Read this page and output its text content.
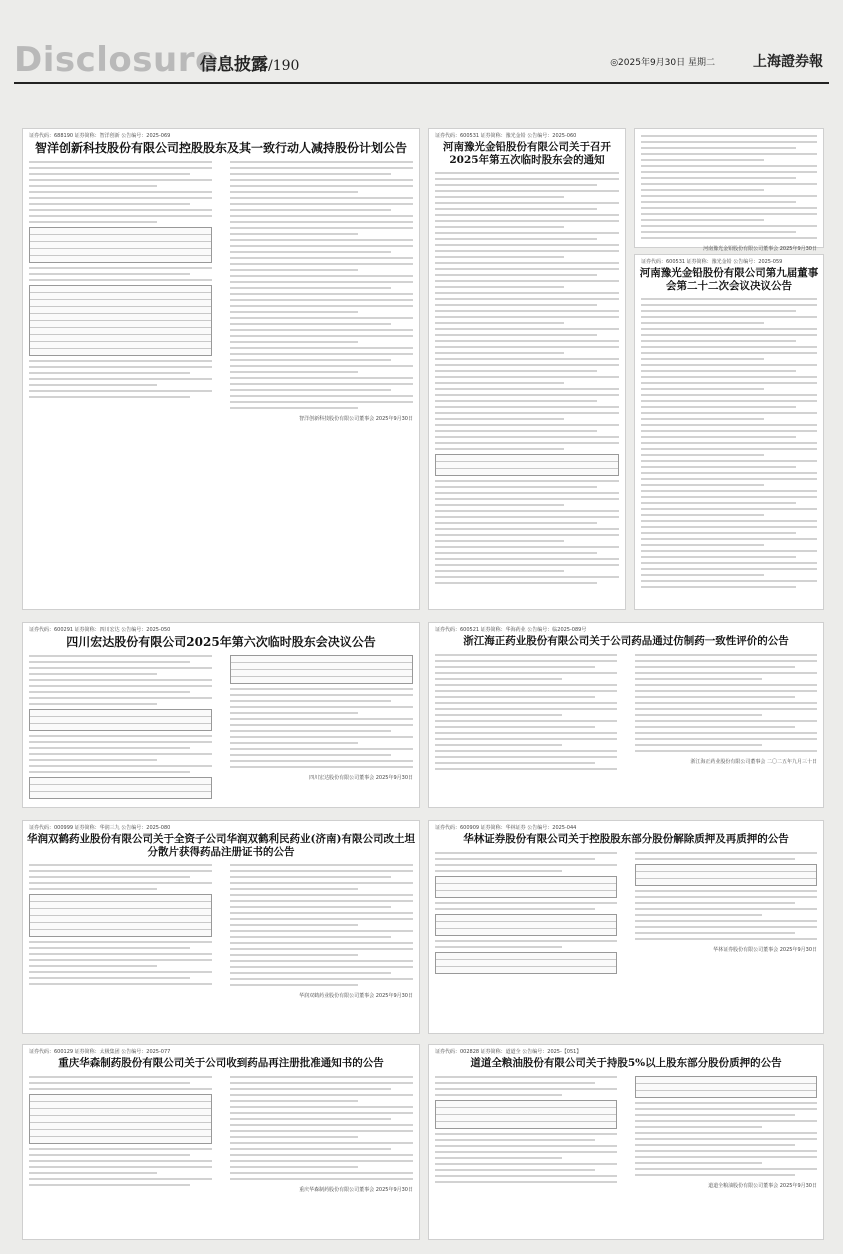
Disclosure
信息披露/190	◎2025年9月30日 星期二	上海證券報
证券代码：688190 证券简称：智洋创新 公告编号：2025-069
智洋创新科技股份有限公司控股股东及其一致行动人减持股份计划公告
智洋创新科技股份有限公司董事会 2025年9月30日
证券代码：600531 证券简称：豫光金铅 公告编号：2025-060
河南豫光金铅股份有限公司关于召开2025年第五次临时股东会的通知
河南豫光金铅股份有限公司董事会 2025年9月30日
证券代码：600531 证券简称：豫光金铅 公告编号：2025-059
河南豫光金铅股份有限公司第九届董事会第二十二次会议决议公告
证券代码：600291 证券简称：四川宏达 公告编号：2025-050
四川宏达股份有限公司2025年第六次临时股东会决议公告
四川宏达股份有限公司董事会 2025年9月30日
证券代码：600521 证券简称：华海药业 公告编号：临2025-089号
浙江海正药业股份有限公司关于公司药品通过仿制药一致性评价的公告
浙江海正药业股份有限公司董事会 二〇二五年九月三十日
证券代码：000999 证券简称：华润三九 公告编号：2025-080
华润双鹤药业股份有限公司关于全资子公司华润双鹤利民药业(济南)有限公司改土坦分散片获得药品注册证书的公告
华润双鹤药业股份有限公司董事会 2025年9月30日
证券代码：600909 证券简称：华林证券 公告编号：2025-044
华林证券股份有限公司关于控股股东部分股份解除质押及再质押的公告
华林证券股份有限公司董事会 2025年9月30日
证券代码：600129 证券简称：太极集团 公告编号：2025-077
重庆华森制药股份有限公司关于公司收到药品再注册批准通知书的公告
重庆华森制药股份有限公司董事会 2025年9月30日
证券代码：002828 证券简称：道道全 公告编号：2025-【051】
道道全粮油股份有限公司关于持股5%以上股东部分股份质押的公告
道道全粮油股份有限公司董事会 2025年9月30日
